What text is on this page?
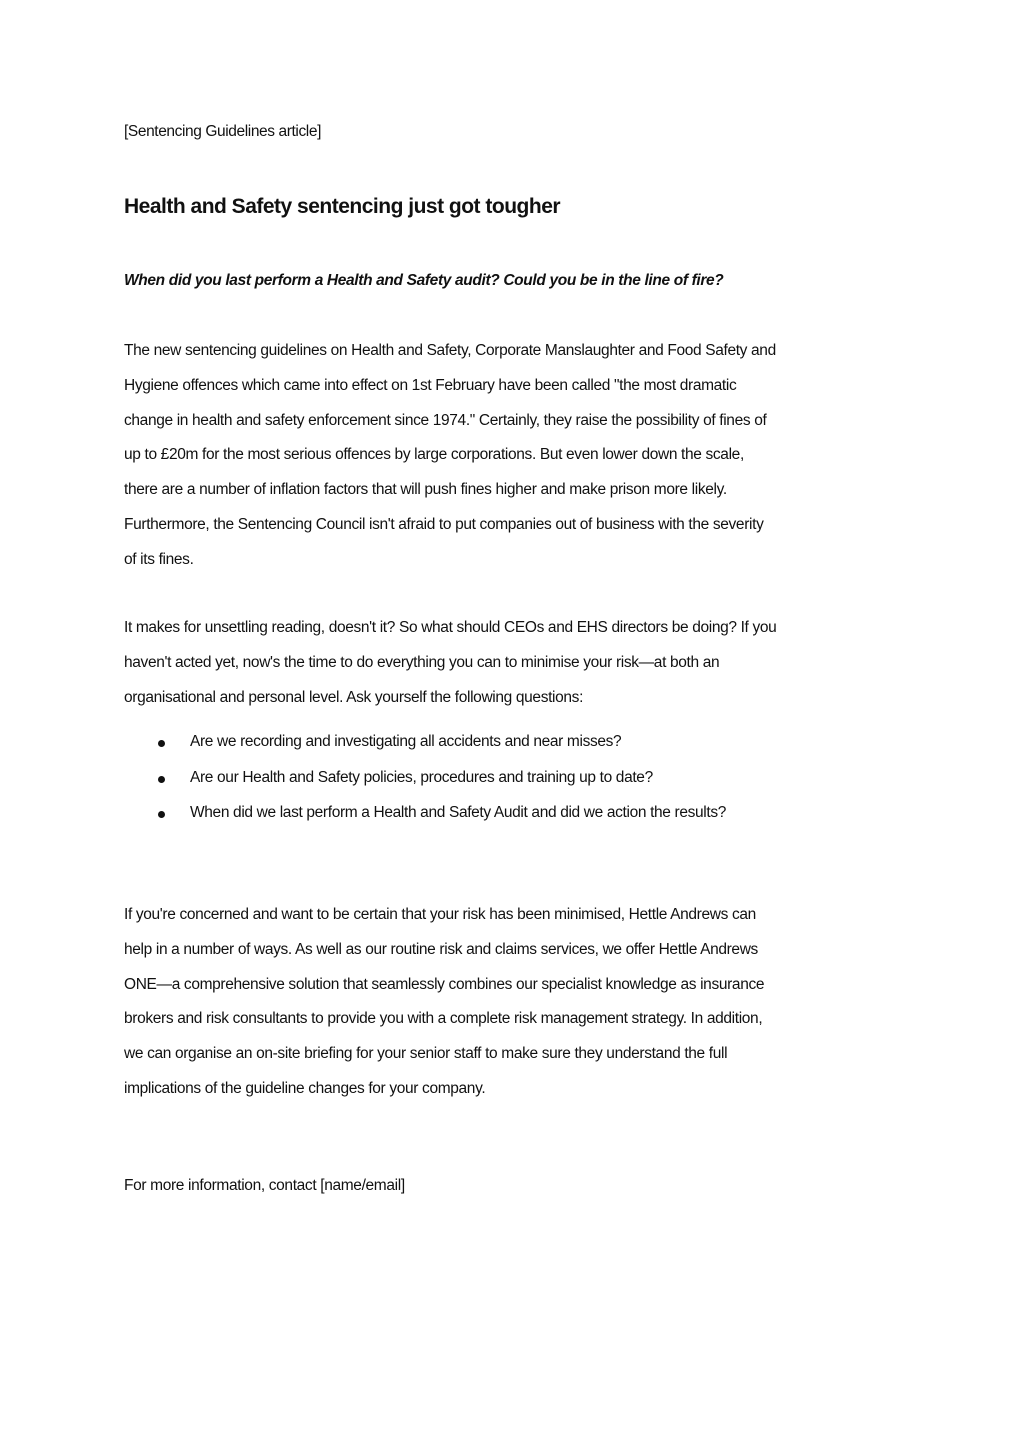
[Sentencing Guidelines article]
Health and Safety sentencing just got tougher

When did you last perform a Health and Safety audit? Could you be in the line of fire?

The new sentencing guidelines on Health and Safety, Corporate Manslaughter and Food Safety and
Hygiene offences which came into effect on 1st February have been called "the most dramatic
change in health and safety enforcement since 1974." Certainly, they raise the possibility of fines of
up to £20m for the most serious offences by large corporations. But even lower down the scale,
there are a number of inflation factors that will push fines higher and make prison more likely.
Furthermore, the Sentencing Council isn't afraid to put companies out of business with the severity
of its fines.

It makes for unsettling reading, doesn't it? So what should CEOs and EHS directors be doing? If you
haven't acted yet, now's the time to do everything you can to minimise your risk—at both an
organisational and personal level. Ask yourself the following questions:

Are we recording and investigating all accidents and near misses?
Are our Health and Safety policies, procedures and training up to date?
When did we last perform a Health and Safety Audit and did we action the results?

If you're concerned and want to be certain that your risk has been minimised, Hettle Andrews can
help in a number of ways. As well as our routine risk and claims services, we offer Hettle Andrews
ONE—a comprehensive solution that seamlessly combines our specialist knowledge as insurance
brokers and risk consultants to provide you with a complete risk management strategy. In addition,
we can organise an on-site briefing for your senior staff to make sure they understand the full
implications of the guideline changes for your company.

For more information, contact [name/email]
